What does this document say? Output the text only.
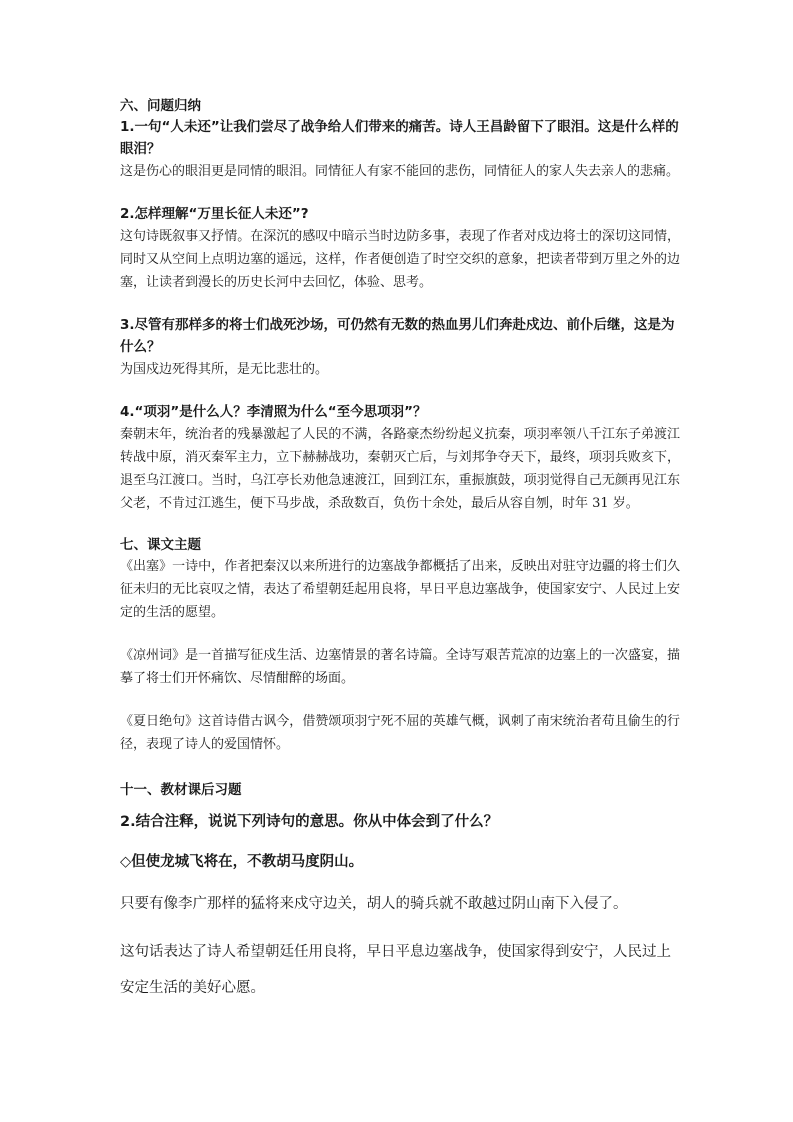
六、问题归纳

1.一句“人未还”让我们尝尽了战争给人们带来的痛苦。诗人王昌龄留下了眼泪。这是什么样的眼泪？

这是伤心的眼泪更是同情的眼泪。同情征人有家不能回的悲伤，同情征人的家人失去亲人的悲痛。

2.怎样理解“万里长征人未还”?

这句诗既叙事又抒情。在深沉的感叹中暗示当时边防多事，表现了作者对戍边将士的深切这同情，同时又从空间上点明边塞的遥远，这样，作者便创造了时空交织的意象，把读者带到万里之外的边塞，让读者到漫长的历史长河中去回忆，体验、思考。

3.尽管有那样多的将士们战死沙场，可仍然有无数的热血男儿们奔赴戍边、前仆后继，这是为什么？

为国戍边死得其所，是无比悲壮的。

4.“项羽”是什么人？李清照为什么“至今思项羽”？

秦朝末年，统治者的残暴激起了人民的不满，各路豪杰纷纷起义抗秦，项羽率领八千江东子弟渡江转战中原，消灭秦军主力，立下赫赫战功，秦朝灭亡后，与刘邦争夺天下，最终，项羽兵败亥下，退至乌江渡口。当时，乌江亭长劝他急速渡江，回到江东，重振旗鼓，项羽觉得自己无颜再见江东父老，不肯过江逃生，便下马步战，杀敌数百，负伤十余处，最后从容自刎，时年 31 岁。

七、课文主题

《出塞》一诗中，作者把秦汉以来所进行的边塞战争都概括了出来，反映出对驻守边疆的将士们久征未归的无比哀叹之情，表达了希望朝廷起用良将，早日平息边塞战争，使国家安宁、人民过上安定的生活的愿望。

《凉州词》是一首描写征戍生活、边塞情景的著名诗篇。全诗写艰苦荒凉的边塞上的一次盛宴，描摹了将士们开怀痛饮、尽情酣醉的场面。

《夏日绝句》这首诗借古讽今，借赞颂项羽宁死不屈的英雄气概，讽刺了南宋统治者苟且偷生的行径，表现了诗人的爱国情怀。

十一、教材课后习题

2.结合注释，说说下列诗句的意思。你从中体会到了什么？

◇但使龙城飞将在，不教胡马度阴山。

只要有像李广那样的猛将来戍守边关，胡人的骑兵就不敢越过阴山南下入侵了。

这句话表达了诗人希望朝廷任用良将，早日平息边塞战争，使国家得到安宁，人民过上安定生活的美好心愿。
